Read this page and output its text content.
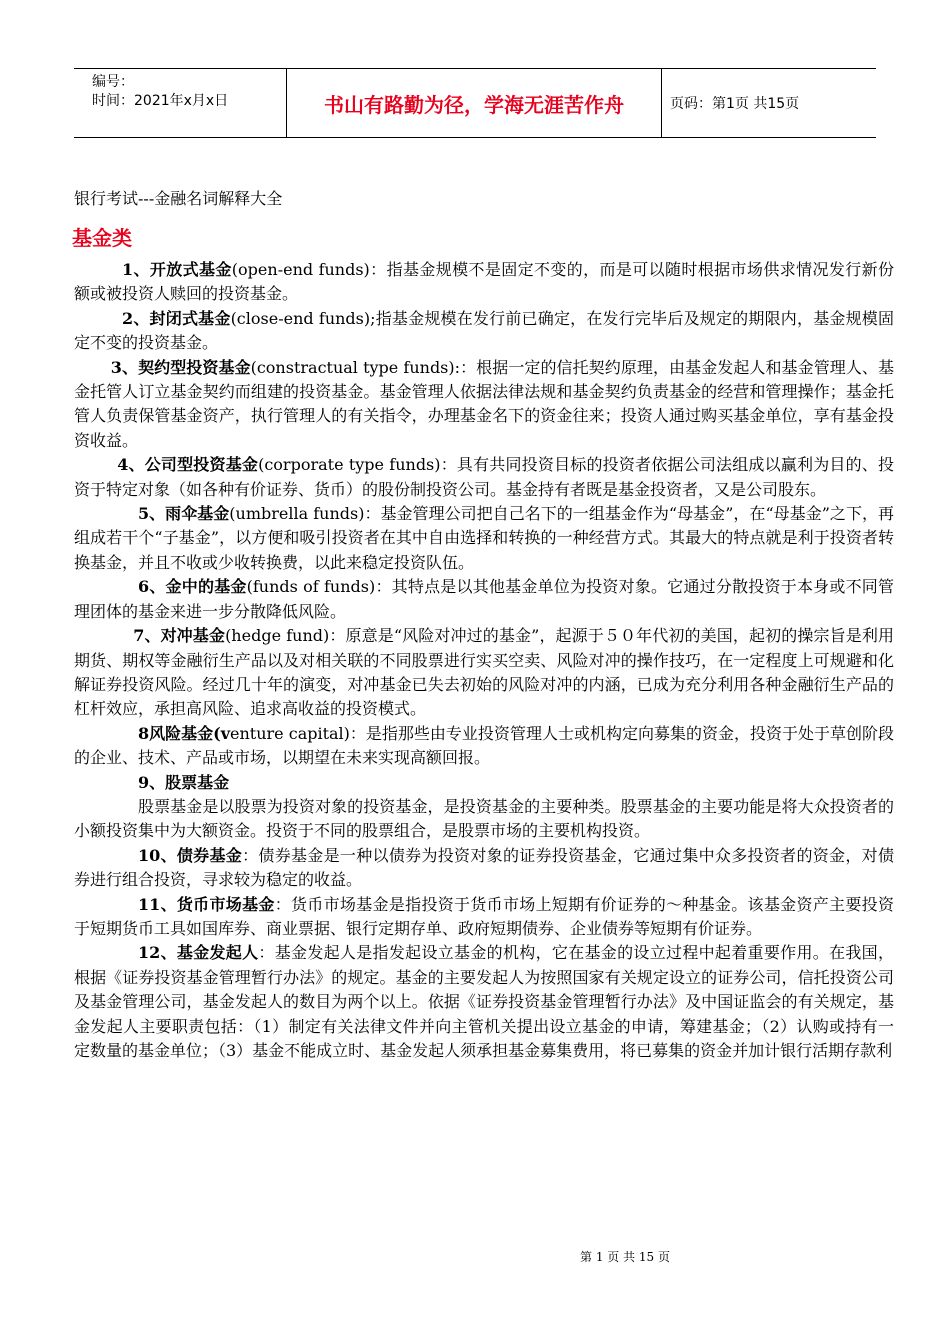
编号：
时间：2021年x月x日	书山有路勤为径，学海无涯苦作舟	页码：第1页 共15页
银行考试---金融名词解释大全
基金类

1、开放式基金(open-end funds)：指基金规模不是固定不变的，而是可以随时根据市场供求情况发行新份额或被投资人赎回的投资基金。

2、封闭式基金(close-end funds);指基金规模在发行前已确定，在发行完毕后及规定的期限内，基金规模固定不变的投资基金。

3、契约型投资基金(constractual type funds):：根据一定的信托契约原理，由基金发起人和基金管理人、基金托管人订立基金契约而组建的投资基金。基金管理人依据法律法规和基金契约负责基金的经营和管理操作；基金托管人负责保管基金资产，执行管理人的有关指令，办理基金名下的资金往来；投资人通过购买基金单位，享有基金投资收益。

4、公司型投资基金(corporate type funds)：具有共同投资目标的投资者依据公司法组成以赢利为目的、投资于特定对象（如各种有价证券、货币）的股份制投资公司。基金持有者既是基金投资者，又是公司股东。

5、雨伞基金(umbrella funds)：基金管理公司把自己名下的一组基金作为“母基金”，在“母基金”之下，再组成若干个“子基金”，以方便和吸引投资者在其中自由选择和转换的一种经营方式。其最大的特点就是利于投资者转换基金，并且不收或少收转换费，以此来稳定投资队伍。

6、金中的基金(funds of funds)：其特点是以其他基金单位为投资对象。它通过分散投资于本身或不同管理团体的基金来进一步分散降低风险。

7、对冲基金(hedge fund)：原意是“风险对冲过的基金”，起源于５０年代初的美国，起初的操宗旨是利用期货、期权等金融衍生产品以及对相关联的不同股票进行实买空卖、风险对冲的操作技巧，在一定程度上可规避和化解证券投资风险。经过几十年的演变，对冲基金已失去初始的风险对冲的内涵，已成为充分利用各种金融衍生产品的杠杆效应，承担高风险、追求高收益的投资模式。

8风险基金(venture capital)：是指那些由专业投资管理人士或机构定向募集的资金，投资于处于草创阶段的企业、技术、产品或市场，以期望在未来实现高额回报。

9、股票基金

股票基金是以股票为投资对象的投资基金，是投资基金的主要种类。股票基金的主要功能是将大众投资者的小额投资集中为大额资金。投资于不同的股票组合，是股票市场的主要机构投资。

10、债券基金：债券基金是一种以债券为投资对象的证券投资基金，它通过集中众多投资者的资金，对债券进行组合投资，寻求较为稳定的收益。

11、货币市场基金：货币市场基金是指投资于货币市场上短期有价证券的～种基金。该基金资产主要投资于短期货币工具如国库券、商业票据、银行定期存单、政府短期债券、企业债券等短期有价证券。

12、基金发起人：基金发起人是指发起设立基金的机构，它在基金的设立过程中起着重要作用。在我国，根据《证券投资基金管理暂行办法》的规定。基金的主要发起人为按照国家有关规定设立的证券公司，信托投资公司及基金管理公司，基金发起人的数目为两个以上。依据《证券投资基金管理暂行办法》及中国证监会的有关规定，基金发起人主要职责包括：（1）制定有关法律文件并向主管机关提出设立基金的申请，筹建基金；（2）认购或持有一定数量的基金单位；（3）基金不能成立时、基金发起人须承担基金募集费用，将已募集的资金并加计银行活期存款利

第 1 页 共 15 页
